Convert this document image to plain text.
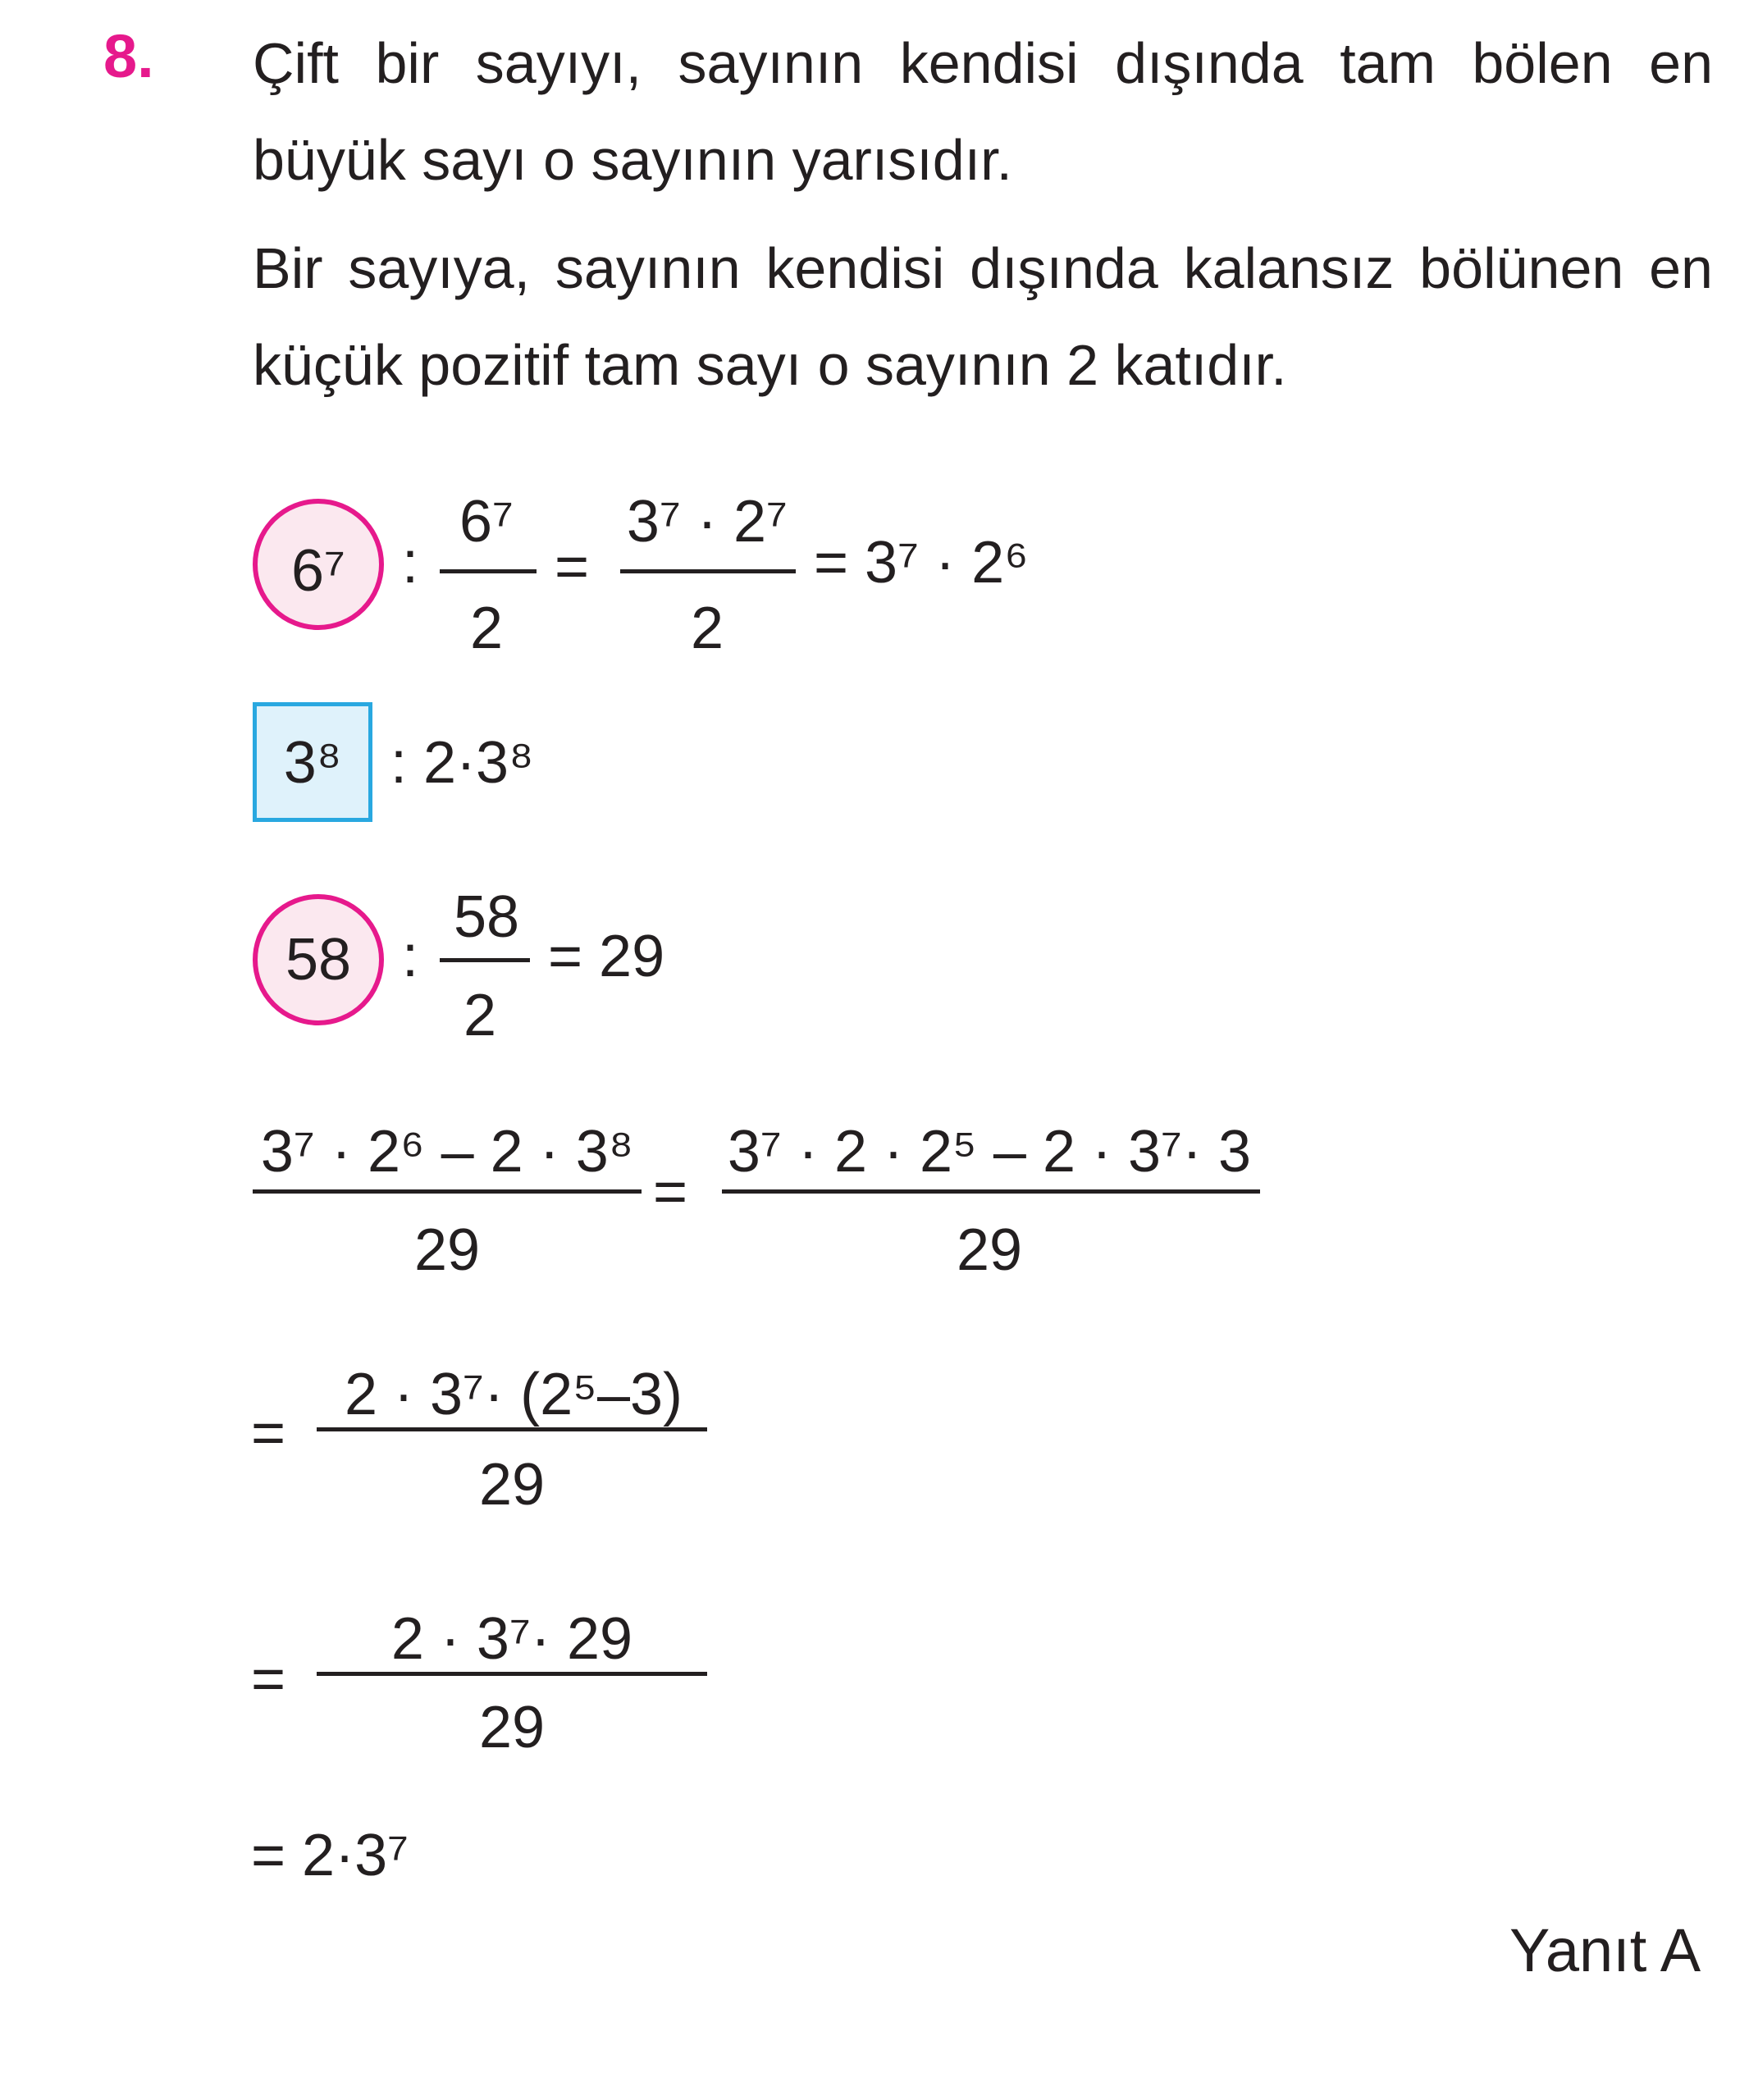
8. Çift bir sayıyı, sayının kendisi dışında tam bölen en büyük sayı o sayının yarısıdır.
Bir sayıya, sayının kendisi dışında kalansız bölünen en küçük pozitif tam sayı o sayının 2 katıdır.
6⁷ :
6⁷
2
=
3⁷ · 2⁷
2
= 3⁷ · 2⁶
3⁸ : 2·3⁸
58 :
58
2
= 29
3⁷ · 2⁶ – 2 · 3⁸
29
=
3⁷ · 2 · 2⁵ – 2 · 3⁷· 3
29
=
2 · 3⁷· (2⁵–3)
29
=
2 · 3⁷· 29
29
= 2·3⁷
Yanıt A
